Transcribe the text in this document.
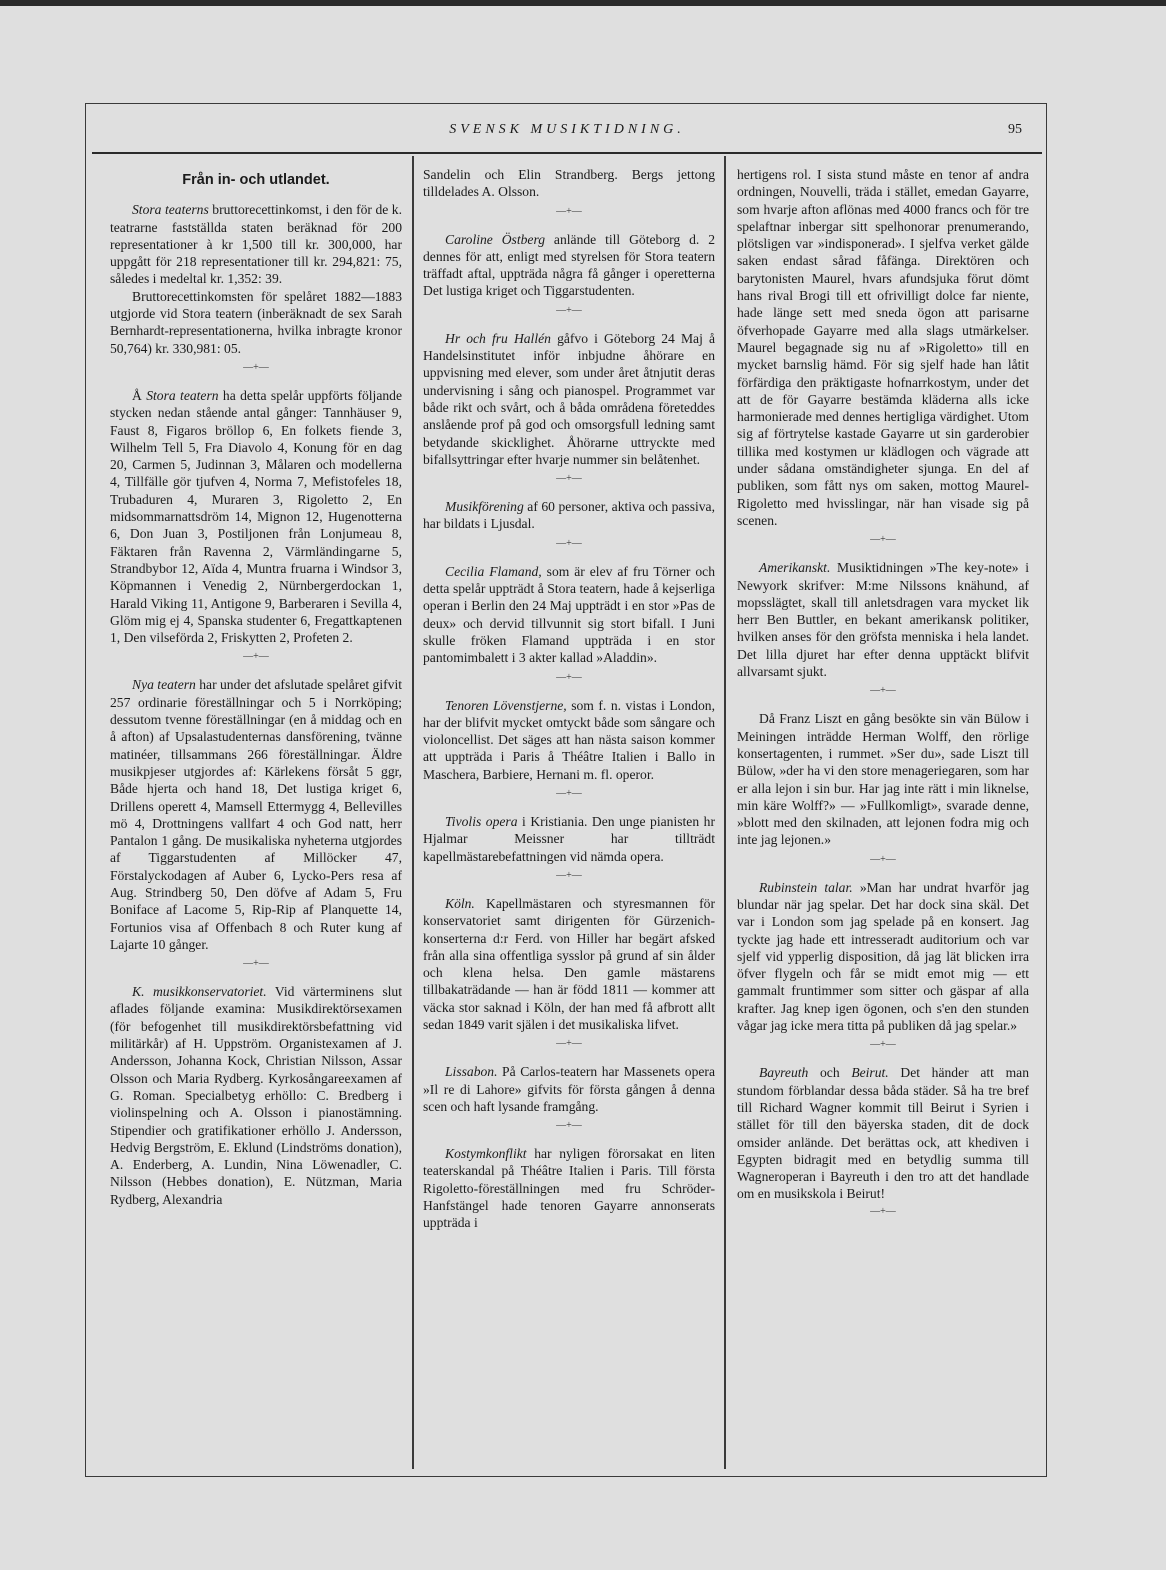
SVENSK MUSIKTIDNING.	95
Från in- och utlandet.

Stora teaterns bruttorecettinkomst, i den för de k. teatrarne fastställda staten beräknad för 200 representationer à kr 1,500 till kr. 300,000, har uppgått för 218 representationer till kr. 294,821: 75, således i medeltal kr. 1,352: 39.

Bruttorecettinkomsten för spelåret 1882—1883 utgjorde vid Stora teatern (inberäknadt de sex Sarah Bernhardt-representationerna, hvilka inbragte kronor 50,764) kr. 330,981: 05.

—+—

Å Stora teatern ha detta spelår uppförts följande stycken nedan stående antal gånger: Tannhäuser 9, Faust 8, Figaros bröllop 6, En folkets fiende 3, Wilhelm Tell 5, Fra Diavolo 4, Konung för en dag 20, Carmen 5, Judinnan 3, Målaren och modellerna 4, Tillfälle gör tjufven 4, Norma 7, Mefistofeles 18, Trubaduren 4, Muraren 3, Rigoletto 2, En midsommarnattsdröm 14, Mignon 12, Hugenotterna 6, Don Juan 3, Postiljonen från Lonjumeau 8, Fäktaren från Ravenna 2, Värmländingarne 5, Strandbybor 12, Aïda 4, Muntra fruarna i Windsor 3, Köpmannen i Venedig 2, Nürnbergerdockan 1, Harald Viking 11, Antigone 9, Barberaren i Sevilla 4, Glöm mig ej 4, Spanska studenter 6, Fregattkaptenen 1, Den vilseförda 2, Friskytten 2, Profeten 2.

—+—

Nya teatern har under det afslutade spelåret gifvit 257 ordinarie föreställningar och 5 i Norrköping; dessutom tvenne föreställningar (en å middag och en å afton) af Upsalastudenternas dansförening, tvänne matinéer, tillsammans 266 föreställningar. Äldre musikpjeser utgjordes af: Kärlekens försåt 5 ggr, Både hjerta och hand 18, Det lustiga kriget 6, Drillens operett 4, Mamsell Ettermygg 4, Bellevilles mö 4, Drottningens vallfart 4 och God natt, herr Pantalon 1 gång. De musikaliska nyheterna utgjordes af Tiggarstudenten af Millöcker 47, Förstalyckodagen af Auber 6, Lycko-Pers resa af Aug. Strindberg 50, Den döfve af Adam 5, Fru Boniface af Lacome 5, Rip-Rip af Planquette 14, Fortunios visa af Offenbach 8 och Ruter kung af Lajarte 10 gånger.

—+—

K. musikkonservatoriet. Vid värterminens slut aflades följande examina: Musikdirektörsexamen (för befogenhet till musikdirektörsbefattning vid militärkår) af H. Uppström. Organistexamen af J. Andersson, Johanna Kock, Christian Nilsson, Assar Olsson och Maria Rydberg. Kyrkosångareexamen af G. Roman. Specialbetyg erhöllo: C. Bredberg i violinspelning och A. Olsson i pianostämning. Stipendier och gratifikationer erhöllo J. Andersson, Hedvig Bergström, E. Eklund (Lindströms donation), A. Enderberg, A. Lundin, Nina Löwenadler, C. Nilsson (Hebbes donation), E. Nützman, Maria Rydberg, Alexandria

Sandelin och Elin Strandberg. Bergs jettong tilldelades A. Olsson.

—+—

Caroline Östberg anlände till Göteborg d. 2 dennes för att, enligt med styrelsen för Stora teatern träffadt aftal, uppträda några få gånger i operetterna Det lustiga kriget och Tiggarstudenten.

—+—

Hr och fru Hallén gåfvo i Göteborg 24 Maj å Handelsinstitutet inför inbjudne åhörare en uppvisning med elever, som under året åtnjutit deras undervisning i sång och pianospel. Programmet var både rikt och svårt, och å båda områdena företeddes anslående prof på god och omsorgsfull ledning samt betydande skicklighet. Åhörarne uttryckte med bifallsyttringar efter hvarje nummer sin belåtenhet.

—+—

Musikförening af 60 personer, aktiva och passiva, har bildats i Ljusdal.

—+—

Cecilia Flamand, som är elev af fru Törner och detta spelår uppträdt å Stora teatern, hade å kejserliga operan i Berlin den 24 Maj uppträdt i en stor »Pas de deux» och dervid tillvunnit sig stort bifall. I Juni skulle fröken Flamand uppträda i en stor pantomimbalett i 3 akter kallad »Aladdin».

—+—

Tenoren Lövenstjerne, som f. n. vistas i London, har der blifvit mycket omtyckt både som sångare och violoncellist. Det säges att han nästa saison kommer att uppträda i Paris å Théâtre Italien i Ballo in Maschera, Barbiere, Hernani m. fl. operor.

—+—

Tivolis opera i Kristiania. Den unge pianisten hr Hjalmar Meissner har tillträdt kapellmästarebefattningen vid nämda opera.

—+—

Köln. Kapellmästaren och styresmannen för konservatoriet samt dirigenten för Gürzenich-konserterna d:r Ferd. von Hiller har begärt afsked från alla sina offentliga sysslor på grund af sin ålder och klena helsa. Den gamle mästarens tillbakaträdande — han är född 1811 — kommer att väcka stor saknad i Köln, der han med få afbrott allt sedan 1849 varit själen i det musikaliska lifvet.

—+—

Lissabon. På Carlos-teatern har Massenets opera »Il re di Lahore» gifvits för första gången å denna scen och haft lysande framgång.

—+—

Kostymkonflikt har nyligen förorsakat en liten teaterskandal på Théâtre Italien i Paris. Till första Rigoletto-föreställningen med fru Schröder-Hanfstängel hade tenoren Gayarre annonserats uppträda i

hertigens rol. I sista stund måste en tenor af andra ordningen, Nouvelli, träda i stället, emedan Gayarre, som hvarje afton aflönas med 4000 francs och för tre spelaftnar inbergar sitt spelhonorar prenumerando, plötsligen var »indisponerad». I sjelfva verket gälde saken endast sårad fåfänga. Direktören och barytonisten Maurel, hvars afundsjuka förut dömt hans rival Brogi till ett ofrivilligt dolce far niente, hade länge sett med sneda ögon att parisarne öfverhopade Gayarre med alla slags utmärkelser. Maurel begagnade sig nu af »Rigoletto» till en mycket barnslig hämd. För sig sjelf hade han låtit förfärdiga den präktigaste hofnarrkostym, under det att de för Gayarre bestämda kläderna alls icke harmonierade med dennes hertigliga värdighet. Utom sig af förtrytelse kastade Gayarre ut sin garderobier tillika med kostymen ur klädlogen och vägrade att under sådana omständigheter sjunga. En del af publiken, som fått nys om saken, mottog Maurel-Rigoletto med hvisslingar, när han visade sig på scenen.

—+—

Amerikanskt. Musiktidningen »The key-note» i Newyork skrifver: M:me Nilssons knähund, af mopsslägtet, skall till anletsdragen vara mycket lik herr Ben Buttler, en bekant amerikansk politiker, hvilken anses för den gröfsta menniska i hela landet. Det lilla djuret har efter denna upptäckt blifvit allvarsamt sjukt.

—+—

Då Franz Liszt en gång besökte sin vän Bülow i Meiningen inträdde Herman Wolff, den rörlige konsertagenten, i rummet. »Ser du», sade Liszt till Bülow, »der ha vi den store menageriegaren, som har er alla lejon i sin bur. Har jag inte rätt i min liknelse, min käre Wolff?» — »Fullkomligt», svarade denne, »blott med den skilnaden, att lejonen fodra mig och inte jag lejonen.»

—+—

Rubinstein talar. »Man har undrat hvarför jag blundar när jag spelar. Det har dock sina skäl. Det var i London som jag spelade på en konsert. Jag tyckte jag hade ett intresseradt auditorium och var sjelf vid ypperlig disposition, då jag lät blicken irra öfver flygeln och får se midt emot mig — ett gammalt fruntimmer som sitter och gäspar af alla krafter. Jag knep igen ögonen, och s'en den stunden vågar jag icke mera titta på publiken då jag spelar.»

—+—

Bayreuth och Beirut. Det händer att man stundom förblandar dessa båda städer. Så ha tre bref till Richard Wagner kommit till Beirut i Syrien i stället för till den bäyerska staden, dit de dock omsider anlände. Det berättas ock, att khediven i Egypten bidragit med en betydlig summa till Wagneroperan i Bayreuth i den tro att det handlade om en musikskola i Beirut!

—+—
